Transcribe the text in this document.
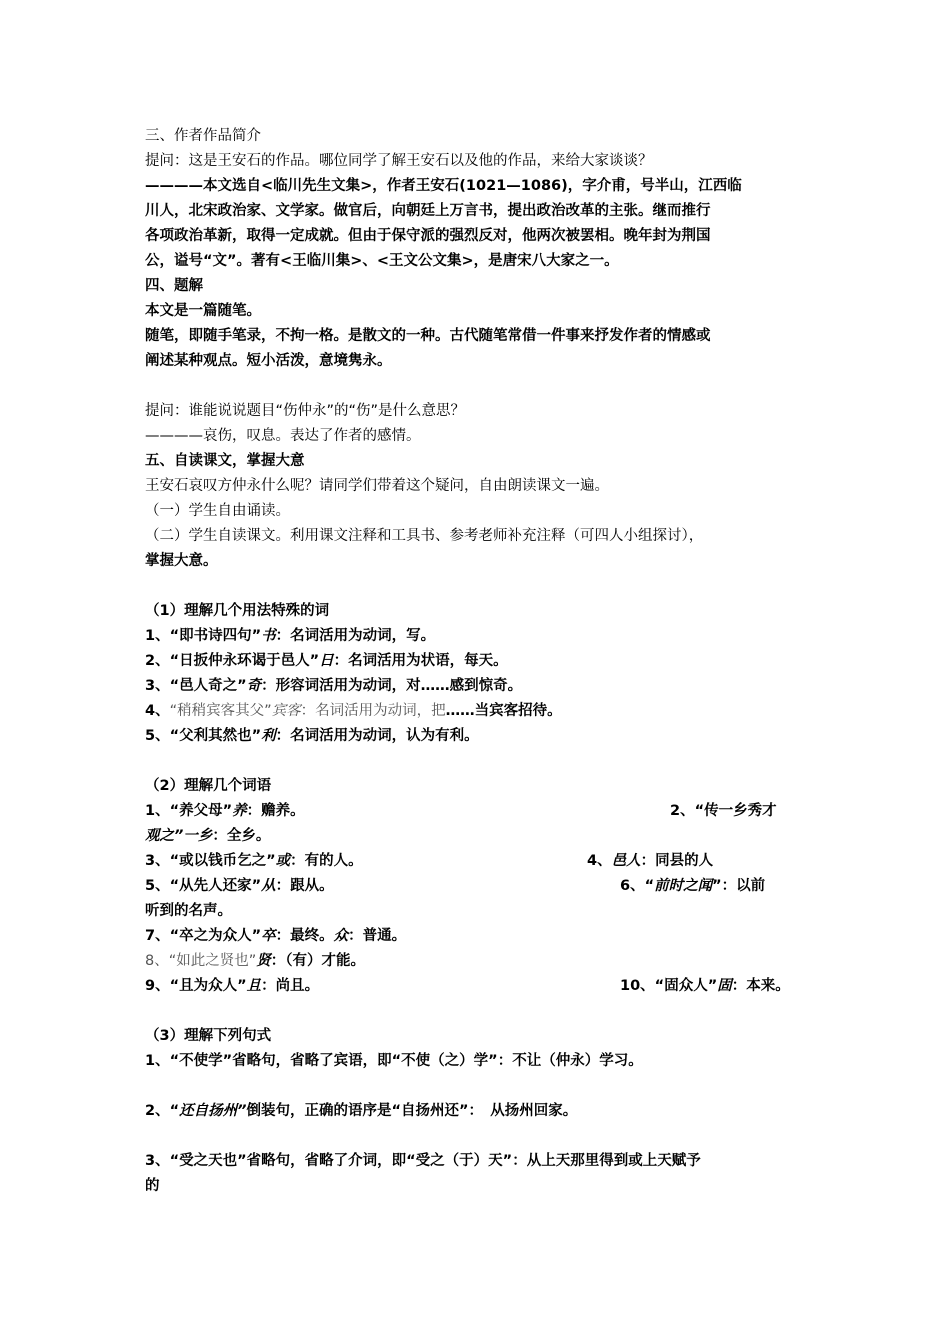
三、作者作品简介
提问：这是王安石的作品。哪位同学了解王安石以及他的作品，来给大家谈谈？
————本文选自<临川先生文集>，作者王安石(1021—1086)，字介甫，号半山，江西临
川人，北宋政治家、文学家。做官后，向朝廷上万言书，提出政治改革的主张。继而推行
各项政治革新，取得一定成就。但由于保守派的强烈反对，他两次被罢相。晚年封为荆国
公，谥号“文”。著有<王临川集>、<王文公文集>，是唐宋八大家之一。
四、题解
本文是一篇随笔。
随笔，即随手笔录，不拘一格。是散文的一种。古代随笔常借一件事来抒发作者的情感或
阐述某种观点。短小活泼，意境隽永。
提问：谁能说说题目“伤仲永”的“伤”是什么意思？
————哀伤，叹息。表达了作者的感情。
五、自读课文，掌握大意
王安石哀叹方仲永什么呢？请同学们带着这个疑问，自由朗读课文一遍。
（一）学生自由诵读。
（二）学生自读课文。利用课文注释和工具书、参考老师补充注释（可四人小组探讨），
掌握大意。
（1）理解几个用法特殊的词
1、“即书诗四句”书：名词活用为动词，写。
2、“日扳仲永环谒于邑人”日：名词活用为状语，每天。
3、“邑人奇之”奇：形容词活用为动词，对……感到惊奇。
4、“稍稍宾客其父”宾客：名词活用为动词，把……当宾客招待。
5、“父利其然也”利：名词活用为动词，认为有利。
（2）理解几个词语
1、“养父母”养：赡养。	2、“传一乡秀才
观之”一乡：全乡。
3、“或以钱币乞之”或：有的人。	4、邑人：同县的人
5、“从先人还家”从：跟从。	6、“前时之闻”：以前
听到的名声。
7、“卒之为众人”卒：最终。众：普通。
8、“如此之贤也”贤：（有）才能。
9、“且为众人”且：尚且。	10、“固众人”固：本来。
（3）理解下列句式
1、“不使学”省略句，省略了宾语，即“不使（之）学”：不让（仲永）学习。
2、“还自扬州”倒装句，正确的语序是“自扬州还”：　从扬州回家。
3、“受之天也”省略句，省略了介词，即“受之（于）天”：从上天那里得到或上天赋予
的
